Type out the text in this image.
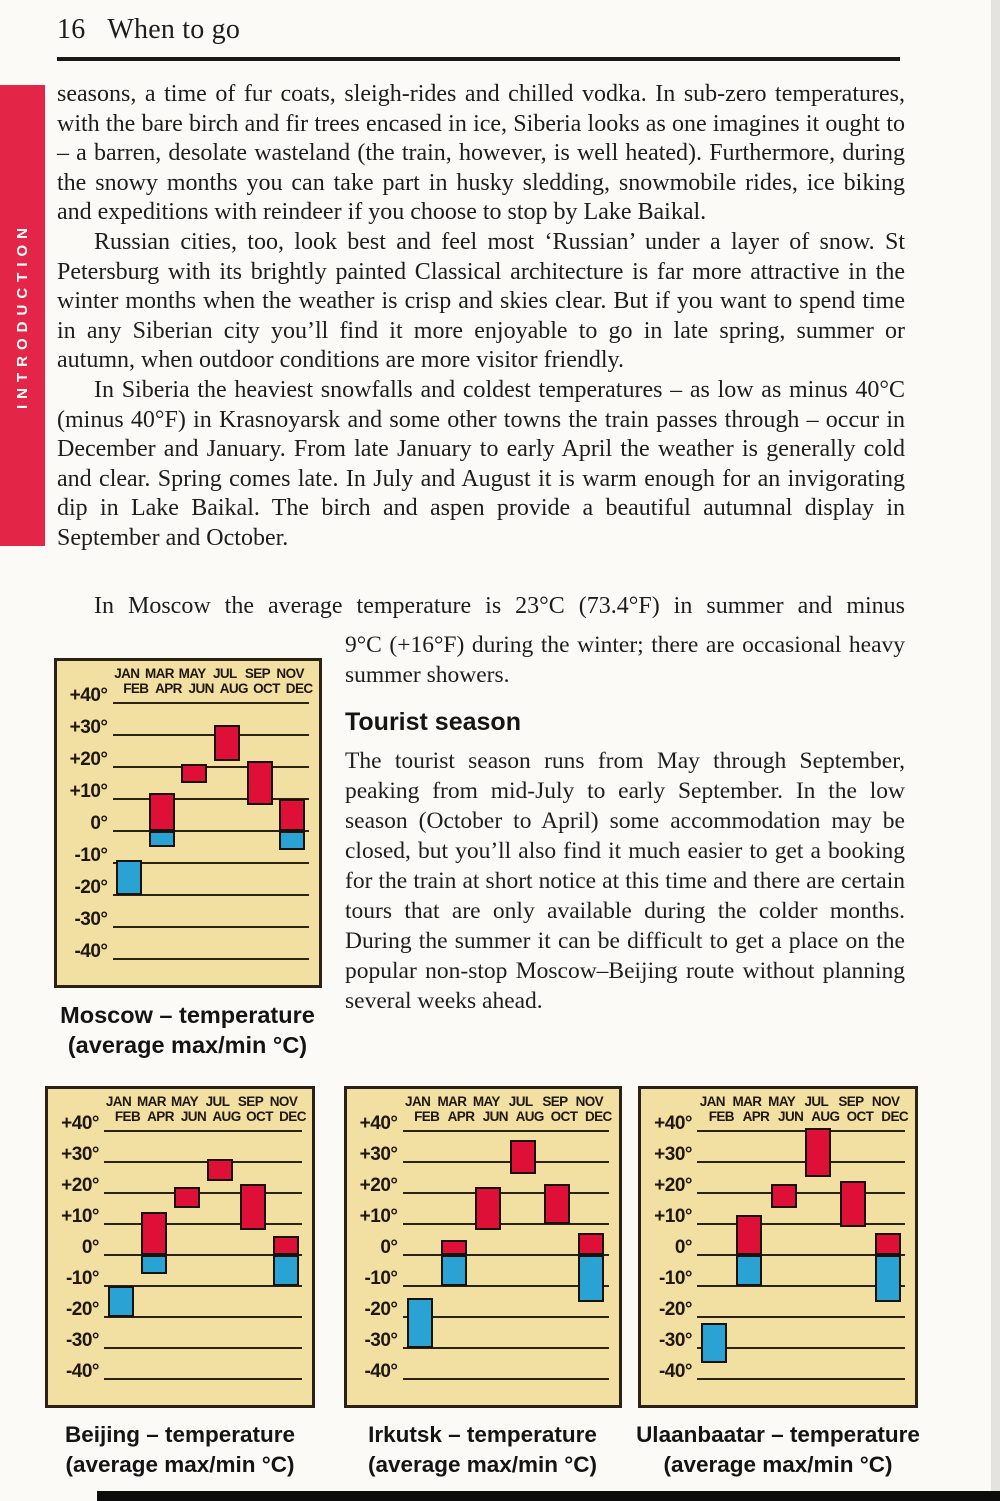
16 When to go
INTRODUCTION

seasons, a time of fur coats, sleigh-rides and chilled vodka. In sub-zero temperatures, with the bare birch and fir trees encased in ice, Siberia looks as one imagines it ought to – a barren, desolate wasteland (the train, however, is well heated). Furthermore, during the snowy months you can take part in husky sledding, snowmobile rides, ice biking and expeditions with reindeer if you choose to stop by Lake Baikal.

Russian cities, too, look best and feel most ‘Russian’ under a layer of snow. St Petersburg with its brightly painted Classical architecture is far more attractive in the winter months when the weather is crisp and skies clear. But if you want to spend time in any Siberian city you’ll find it more enjoyable to go in late spring, summer or autumn, when outdoor conditions are more visitor friendly.

In Siberia the heaviest snowfalls and coldest temperatures – as low as minus 40°C (minus 40°F) in Krasnoyarsk and some other towns the train passes through – occur in December and January. From late January to early April the weather is generally cold and clear. Spring comes late. In July and August it is warm enough for an invigorating dip in Lake Baikal. The birch and aspen provide a beautiful autumnal display in September and October.

In Moscow the average temperature is 23°C (73.4°F) in summer and minus
JAN MAR MAY JUL SEP NOV
FEB APR JUN AUG OCT DEC
+40°
+30°
+20°
+10°
0°
-10°
-20°
-30°
-40°
Moscow – temperature
(average max/min °C)

9°C (+16°F) during the winter; there are occasional heavy summer showers.

Tourist season

The tourist season runs from May through September, peaking from mid-July to early September. In the low season (October to April) some accommodation may be closed, but you’ll also find it much easier to get a booking for the train at short notice at this time and there are certain tours that are only available during the colder months. During the summer it can be difficult to get a place on the popular non-stop Moscow–Beijing route without planning several weeks ahead.

JAN MAR MAY JUL SEP NOV
FEB APR JUN AUG OCT DEC
+40°
+30°
+20°
+10°
0°
-10°
-20°
-30°
-40°
Beijing – temperature
(average max/min °C)
JAN MAR MAY JUL SEP NOV
FEB APR JUN AUG OCT DEC
+40°
+30°
+20°
+10°
0°
-10°
-20°
-30°
-40°
Irkutsk – temperature
(average max/min °C)
JAN MAR MAY JUL SEP NOV
FEB APR JUN AUG OCT DEC
+40°
+30°
+20°
+10°
0°
-10°
-20°
-30°
-40°
Ulaanbaatar – temperature
(average max/min °C)
